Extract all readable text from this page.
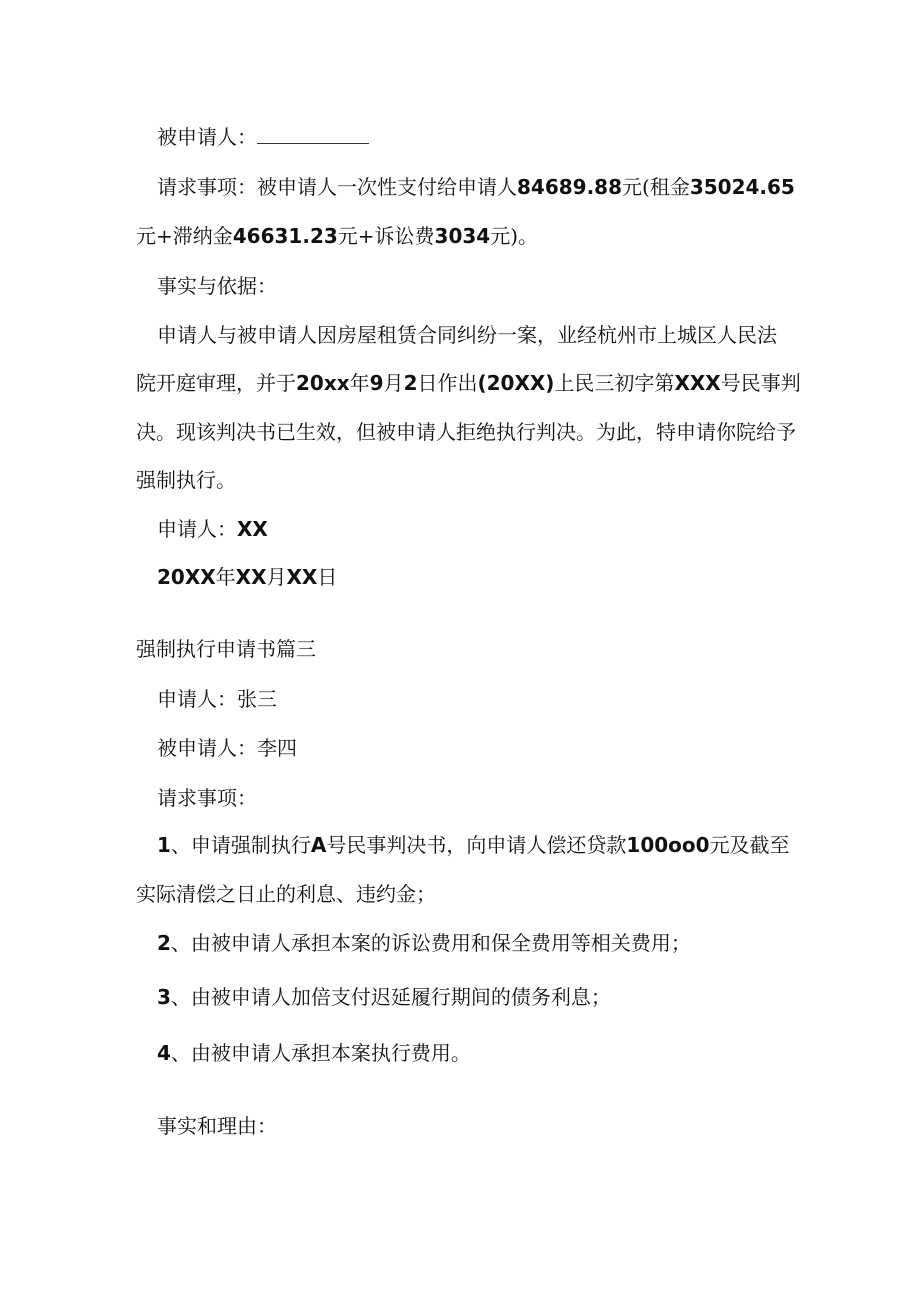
被申请人：
请求事项：被申请人一次性支付给申请人84689.88元(租金35024.65
元+滞纳金46631.23元+诉讼费3034元)。
事实与依据：
申请人与被申请人因房屋租赁合同纠纷一案，业经杭州市上城区人民法
院开庭审理，并于20xx年9月2日作出(20XX)上民三初字第XXX号民事判
决。现该判决书已生效，但被申请人拒绝执行判决。为此，特申请你院给予
强制执行。
申请人：XX
20XX年XX月XX日
强制执行申请书篇三
申请人：张三
被申请人：李四
请求事项：
1、申请强制执行A号民事判决书，向申请人偿还贷款100oo0元及截至
实际清偿之日止的利息、违约金；
2、由被申请人承担本案的诉讼费用和保全费用等相关费用；
3、由被申请人加倍支付迟延履行期间的债务利息；
4、由被申请人承担本案执行费用。
事实和理由：
